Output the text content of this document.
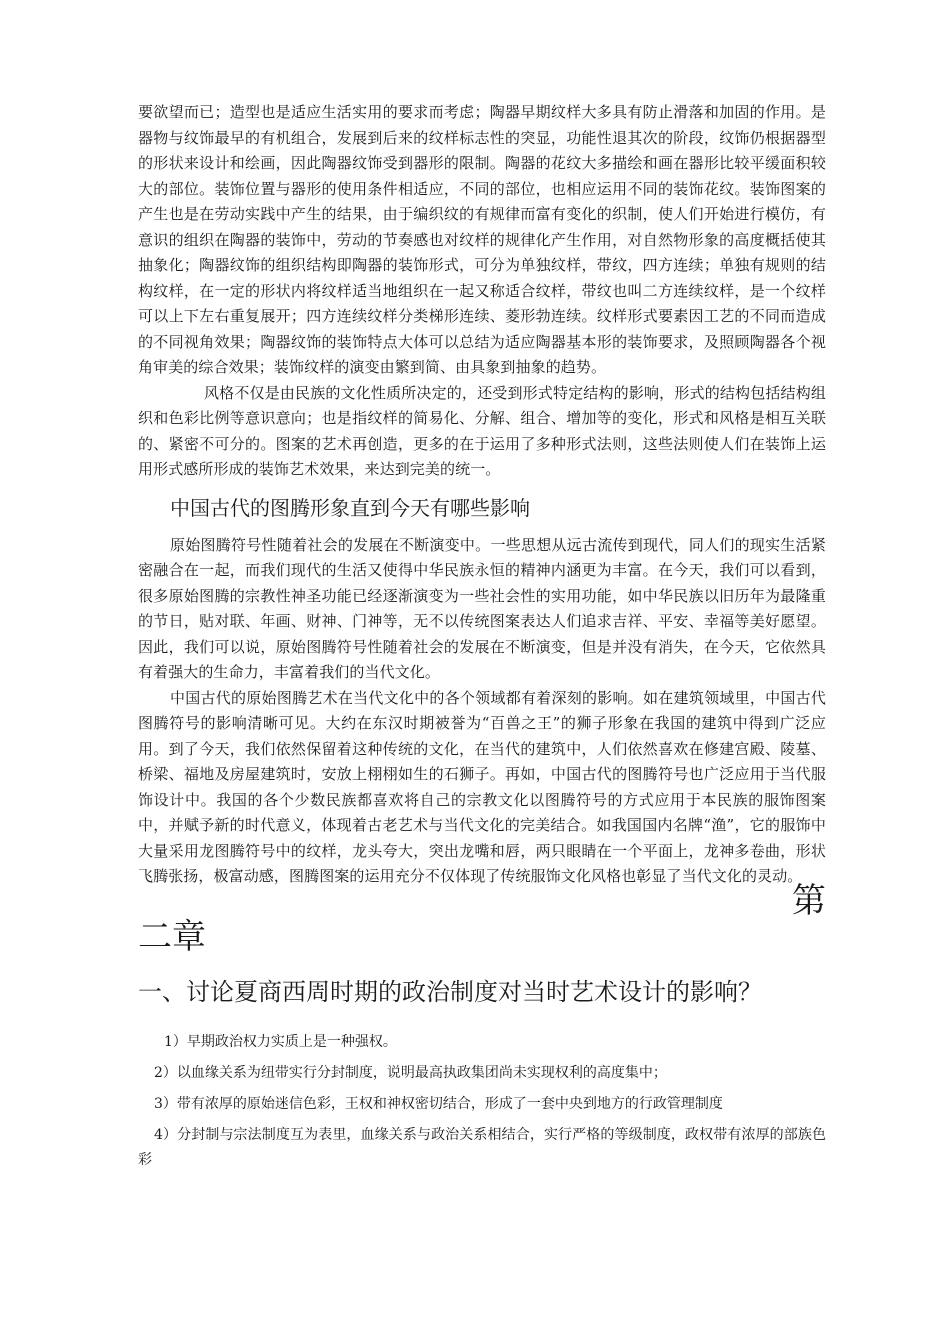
要欲望而已；造型也是适应生活实用的要求而考虑；陶器早期纹样大多具有防止滑落和加固的作用。是器物与纹饰最早的有机组合，发展到后来的纹样标志性的突显，功能性退其次的阶段，纹饰仍根据器型的形状来设计和绘画，因此陶器纹饰受到器形的限制。陶器的花纹大多描绘和画在器形比较平缓面积较大的部位。装饰位置与器形的使用条件相适应，不同的部位，也相应运用不同的装饰花纹。装饰图案的产生也是在劳动实践中产生的结果，由于编织纹的有规律而富有变化的织制，使人们开始进行模仿，有意识的组织在陶器的装饰中，劳动的节奏感也对纹样的规律化产生作用，对自然物形象的高度概括使其抽象化；陶器纹饰的组织结构即陶器的装饰形式，可分为单独纹样，带纹，四方连续；单独有规则的结构纹样，在一定的形状内将纹样适当地组织在一起又称适合纹样，带纹也叫二方连续纹样，是一个纹样可以上下左右重复展开；四方连续纹样分类梯形连续、菱形勃连续。纹样形式要素因工艺的不同而造成的不同视角效果；陶器纹饰的装饰特点大体可以总结为适应陶器基本形的装饰要求，及照顾陶器各个视角审美的综合效果；装饰纹样的演变由繁到简、由具象到抽象的趋势。

风格不仅是由民族的文化性质所决定的，还受到形式特定结构的影响，形式的结构包括结构组织和色彩比例等意识意向；也是指纹样的简易化、分解、组合、增加等的变化，形式和风格是相互关联的、紧密不可分的。图案的艺术再创造，更多的在于运用了多种形式法则，这些法则使人们在装饰上运用形式感所形成的装饰艺术效果，来达到完美的统一。

中国古代的图腾形象直到今天有哪些影响

原始图腾符号性随着社会的发展在不断演变中。一些思想从远古流传到现代，同人们的现实生活紧密融合在一起，而我们现代的生活又使得中华民族永恒的精神内涵更为丰富。在今天，我们可以看到，很多原始图腾的宗教性神圣功能已经逐渐演变为一些社会性的实用功能，如中华民族以旧历年为最隆重的节日，贴对联、年画、财神、门神等，无不以传统图案表达人们追求吉祥、平安、幸福等美好愿望。因此，我们可以说，原始图腾符号性随着社会的发展在不断演变，但是并没有消失，在今天，它依然具有着强大的生命力，丰富着我们的当代文化。

中国古代的原始图腾艺术在当代文化中的各个领域都有着深刻的影响。如在建筑领域里，中国古代图腾符号的影响清晰可见。大约在东汉时期被誉为“百兽之王”的狮子形象在我国的建筑中得到广泛应用。到了今天，我们依然保留着这种传统的文化，在当代的建筑中，人们依然喜欢在修建宫殿、陵墓、桥梁、福地及房屋建筑时，安放上栩栩如生的石狮子。再如，中国古代的图腾符号也广泛应用于当代服饰设计中。我国的各个少数民族都喜欢将自己的宗教文化以图腾符号的方式应用于本民族的服饰图案中，并赋予新的时代意义，体现着古老艺术与当代文化的完美结合。如我国国内名牌“渔”，它的服饰中大量采用龙图腾符号中的纹样，龙头夸大，突出龙嘴和唇，两只眼睛在一个平面上，龙神多卷曲，形状飞腾张扬，极富动感，图腾图案的运用充分不仅体现了传统服饰文化风格也彰显了当代文化的灵动。
第

二章
一、讨论夏商西周时期的政治制度对当时艺术设计的影响？
1）早期政治权力实质上是一种强权。
2）以血缘关系为纽带实行分封制度，说明最高执政集团尚未实现权利的高度集中；
3）带有浓厚的原始迷信色彩，王权和神权密切结合，形成了一套中央到地方的行政管理制度
4）分封制与宗法制度互为表里，血缘关系与政治关系相结合，实行严格的等级制度，政权带有浓厚的部族色彩
